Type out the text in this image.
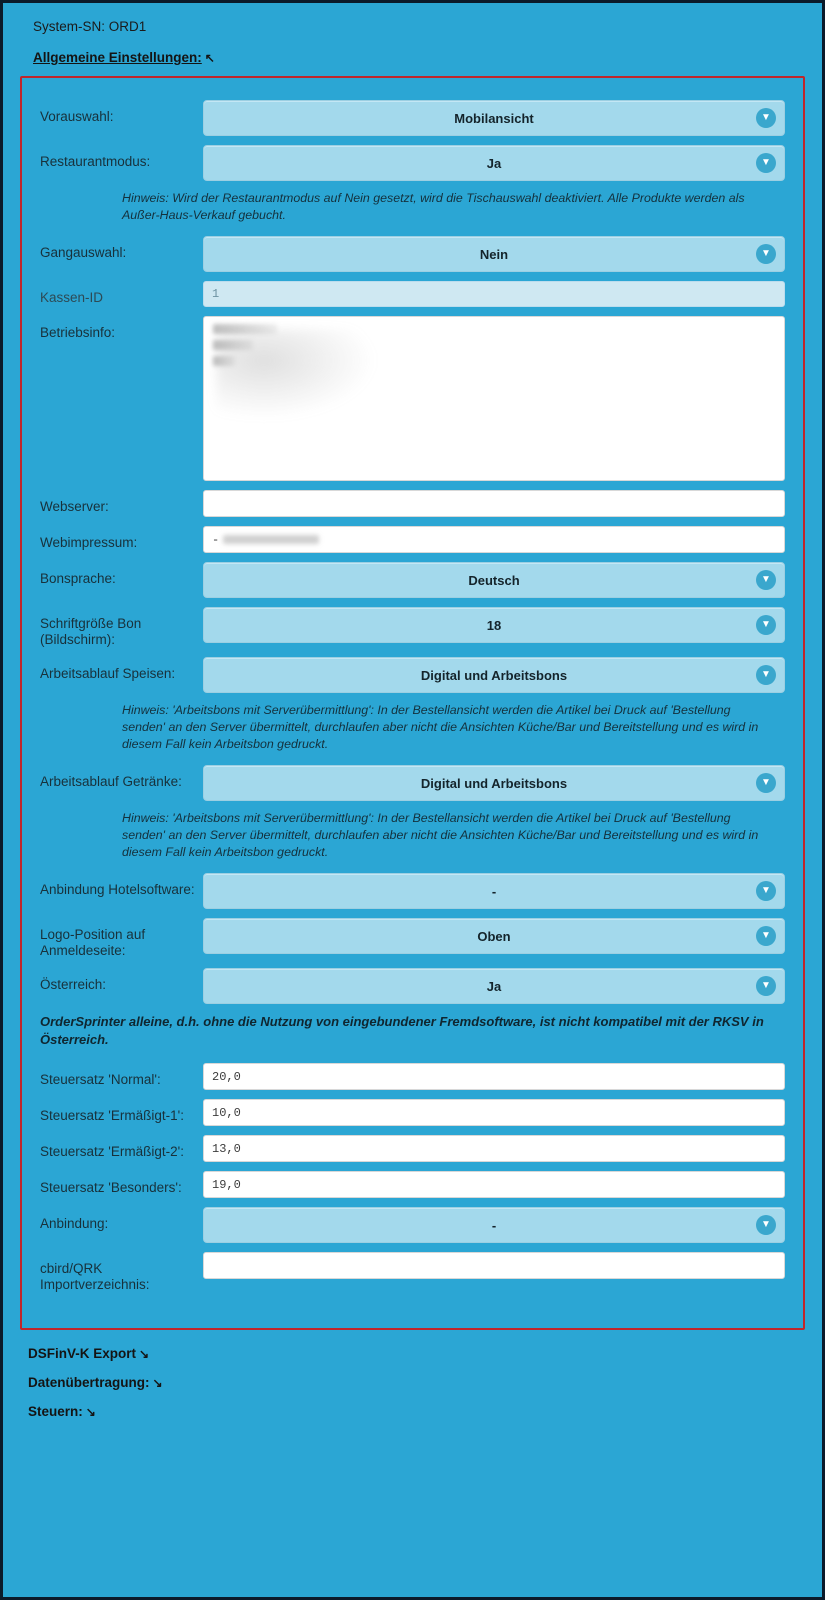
System-SN: ORD1
Allgemeine Einstellungen: ↖
Vorauswahl:	Mobilansicht	▼
Restaurantmodus:	Ja	▼
Hinweis: Wird der Restaurantmodus auf Nein gesetzt, wird die Tischauswahl deaktiviert. Alle Produkte werden als Außer-Haus-Verkauf gebucht.
Gangauswahl:	Nein	▼
Kassen-ID	1
Betriebsinfo:
Webserver:
Webimpressum:	-
Bonsprache:	Deutsch	▼
Schriftgröße Bon (Bildschirm):
18	▼
Arbeitsablauf Speisen:	Digital und Arbeitsbons	▼
Hinweis: 'Arbeitsbons mit Serverübermittlung': In der Bestellansicht werden die Artikel bei Druck auf 'Bestellung senden' an den Server übermittelt, durchlaufen aber nicht die Ansichten Küche/Bar und Bereitstellung und es wird in diesem Fall kein Arbeitsbon gedruckt.
Arbeitsablauf Getränke:	Digital und Arbeitsbons	▼
Hinweis: 'Arbeitsbons mit Serverübermittlung': In der Bestellansicht werden die Artikel bei Druck auf 'Bestellung senden' an den Server übermittelt, durchlaufen aber nicht die Ansichten Küche/Bar und Bereitstellung und es wird in diesem Fall kein Arbeitsbon gedruckt.
Anbindung Hotelsoftware:	-	▼
Logo-Position auf Anmeldeseite:
Oben	▼
Österreich:	Ja	▼
OrderSprinter alleine, d.h. ohne die Nutzung von eingebundener Fremdsoftware, ist nicht kompatibel mit der RKSV in Österreich.
Steuersatz 'Normal':	20,0
Steuersatz 'Ermäßigt-1':	10,0
Steuersatz 'Ermäßigt-2':	13,0
Steuersatz 'Besonders':	19,0
Anbindung:	-	▼
cbird/QRK Importverzeichnis:
DSFinV-K Export ↘
Datenübertragung: ↘
Steuern: ↘
